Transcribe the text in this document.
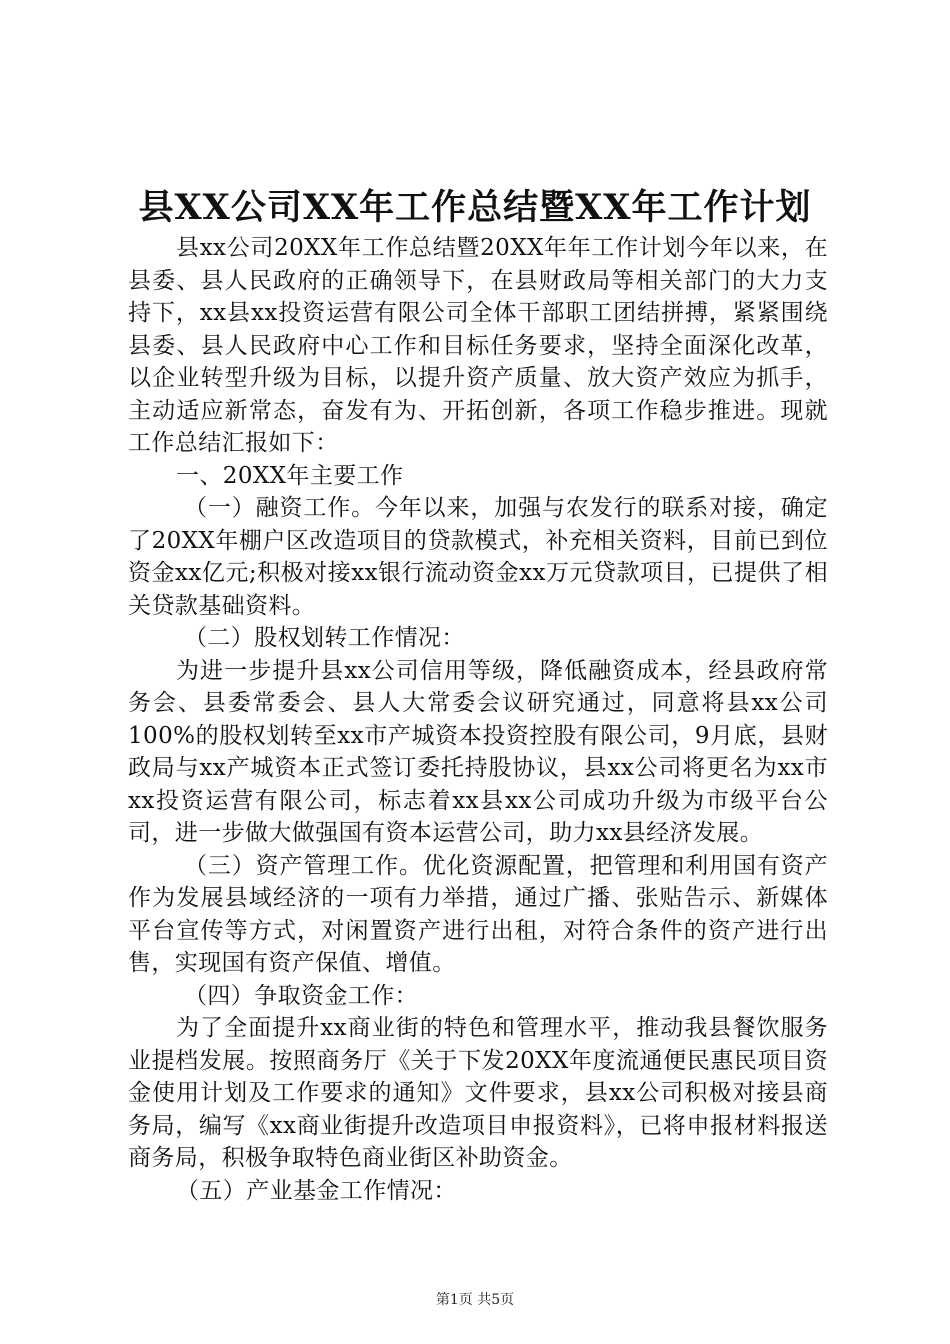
县XX公司XX年工作总结暨XX年工作计划

县xx公司20XX年工作总结暨20XX年年工作计划今年以来，在县委、县人民政府的正确领导下，在县财政局等相关部门的大力支持下，xx县xx投资运营有限公司全体干部职工团结拼搏，紧紧围绕县委、县人民政府中心工作和目标任务要求，坚持全面深化改革，以企业转型升级为目标，以提升资产质量、放大资产效应为抓手，主动适应新常态，奋发有为、开拓创新，各项工作稳步推进。现就工作总结汇报如下：

一、20XX年主要工作

（一）融资工作。今年以来，加强与农发行的联系对接，确定了20XX年棚户区改造项目的贷款模式，补充相关资料，目前已到位资金xx亿元;积极对接xx银行流动资金xx万元贷款项目，已提供了相关贷款基础资料。

（二）股权划转工作情况：

为进一步提升县xx公司信用等级，降低融资成本，经县政府常务会、县委常委会、县人大常委会议研究通过，同意将县xx公司100%的股权划转至xx市产城资本投资控股有限公司，9月底，县财政局与xx产城资本正式签订委托持股协议，县xx公司将更名为xx市xx投资运营有限公司，标志着xx县xx公司成功升级为市级平台公司，进一步做大做强国有资本运营公司，助力xx县经济发展。

（三）资产管理工作。优化资源配置，把管理和利用国有资产作为发展县域经济的一项有力举措，通过广播、张贴告示、新媒体平台宣传等方式，对闲置资产进行出租，对符合条件的资产进行出售，实现国有资产保值、增值。

（四）争取资金工作：

为了全面提升xx商业街的特色和管理水平，推动我县餐饮服务业提档发展。按照商务厅《关于下发20XX年度流通便民惠民项目资金使用计划及工作要求的通知》文件要求，县xx公司积极对接县商务局，编写《xx商业街提升改造项目申报资料》，已将申报材料报送商务局，积极争取特色商业街区补助资金。

（五）产业基金工作情况：

第1页 共5页
